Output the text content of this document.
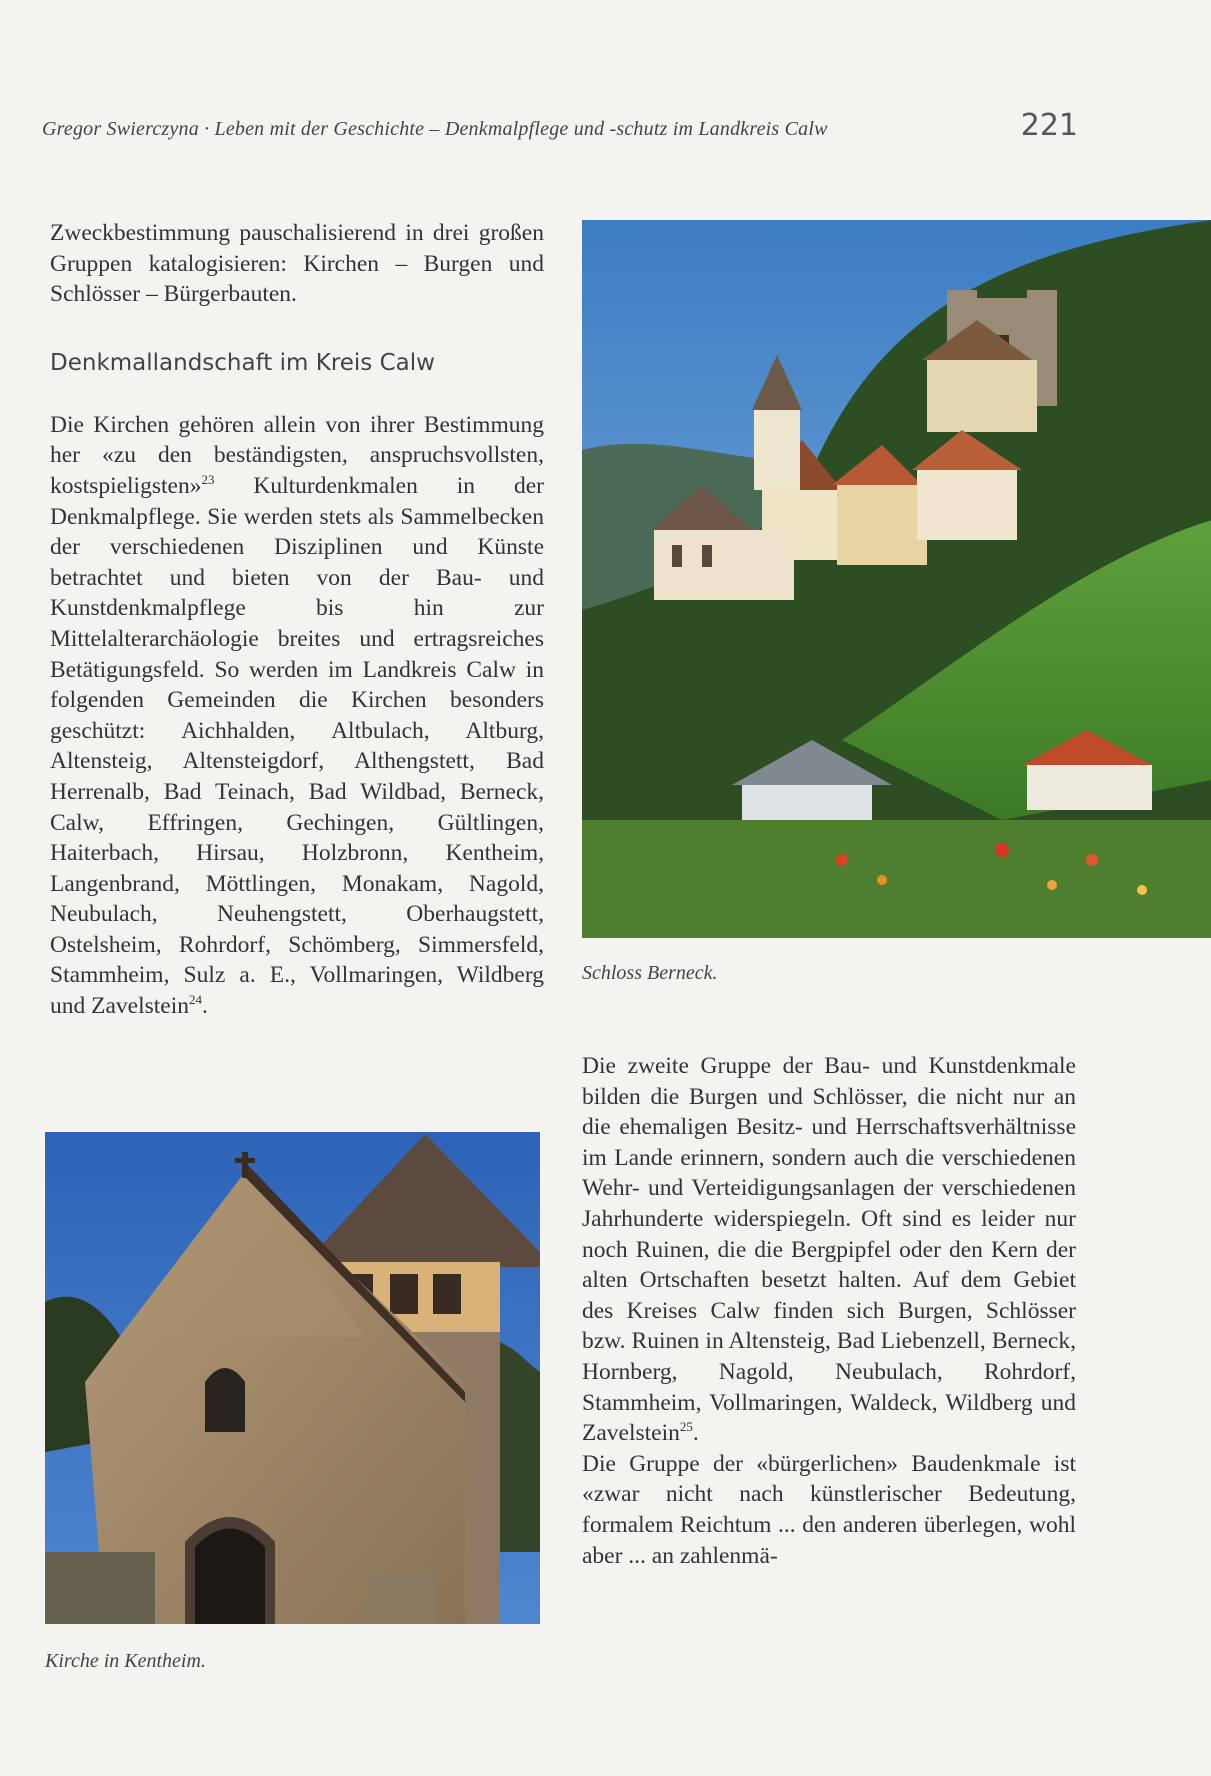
Gregor Swierczyna · Leben mit der Geschichte – Denkmalpflege und -schutz im Landkreis Calw	221

Zweckbestimmung pauschalisierend in drei großen Gruppen katalogisieren: Kirchen – Burgen und Schlösser – Bürgerbauten.

Denkmallandschaft im Kreis Calw

Die Kirchen gehören allein von ihrer Bestimmung her «zu den beständigsten, anspruchsvollsten, kostspieligsten»$^{23}$ Kulturdenkmalen in der Denkmalpflege. Sie werden stets als Sammelbecken der verschiedenen Disziplinen und Künste betrachtet und bieten von der Bau- und Kunstdenkmalpflege bis hin zur Mittelalterarchäologie breites und ertragsreiches Betätigungsfeld. So werden im Landkreis Calw in folgenden Gemeinden die Kirchen besonders geschützt: Aichhalden, Altbulach, Altburg, Altensteig, Altensteigdorf, Althengstett, Bad Herrenalb, Bad Teinach, Bad Wildbad, Berneck, Calw, Effringen, Gechingen, Gültlingen, Haiterbach, Hirsau, Holzbronn, Kentheim, Langenbrand, Möttlingen, Monakam, Nagold, Neubulach, Neuhengstett, Oberhaugstett, Ostelsheim, Rohrdorf, Schömberg, Simmersfeld, Stammheim, Sulz a. E., Vollmaringen, Wildberg und Zavelstein$^{24}$.

Kirche in Kentheim.
Schloss Berneck.

Die zweite Gruppe der Bau- und Kunstdenkmale bilden die Burgen und Schlösser, die nicht nur an die ehemaligen Besitz- und Herrschaftsverhältnisse im Lande erinnern, sondern auch die verschiedenen Wehr- und Verteidigungsanlagen der verschiedenen Jahrhunderte widerspiegeln. Oft sind es leider nur noch Ruinen, die die Bergpipfel oder den Kern der alten Ortschaften besetzt halten. Auf dem Gebiet des Kreises Calw finden sich Burgen, Schlösser bzw. Ruinen in Altensteig, Bad Liebenzell, Berneck, Hornberg, Nagold, Neubulach, Rohrdorf, Stammheim, Vollmaringen, Waldeck, Wildberg und Zavelstein$^{25}$.

Die Gruppe der «bürgerlichen» Baudenkmale ist «zwar nicht nach künstlerischer Bedeutung, formalem Reichtum ... den anderen überlegen, wohl aber ... an zahlenmä-
